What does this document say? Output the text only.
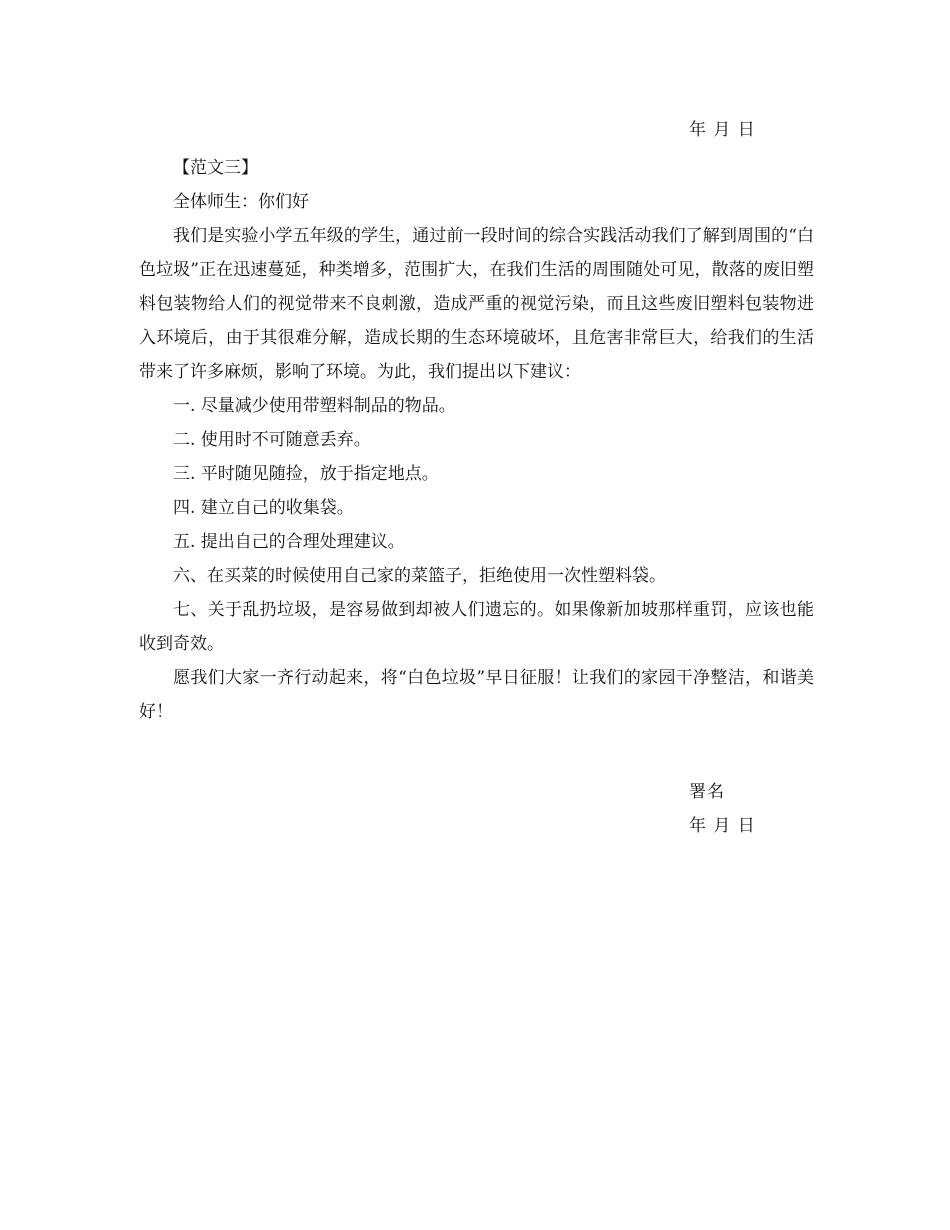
年 月 日

【范文三】

全体师生：你们好

我们是实验小学五年级的学生，通过前一段时间的综合实践活动我们了解到周围的“白色垃圾”正在迅速蔓延，种类增多，范围扩大，在我们生活的周围随处可见，散落的废旧塑料包装物给人们的视觉带来不良刺激，造成严重的视觉污染，而且这些废旧塑料包装物进入环境后，由于其很难分解，造成长期的生态环境破坏，且危害非常巨大，给我们的生活带来了许多麻烦，影响了环境。为此，我们提出以下建议：

一. 尽量减少使用带塑料制品的物品。

二. 使用时不可随意丢弃。

三. 平时随见随捡，放于指定地点。

四. 建立自己的收集袋。

五. 提出自己的合理处理建议。

六、在买菜的时候使用自己家的菜篮子，拒绝使用一次性塑料袋。

七、关于乱扔垃圾，是容易做到却被人们遗忘的。如果像新加坡那样重罚，应该也能收到奇效。

愿我们大家一齐行动起来，将“白色垃圾”早日征服！让我们的家园干净整洁，和谐美好！

署名
年 月 日
